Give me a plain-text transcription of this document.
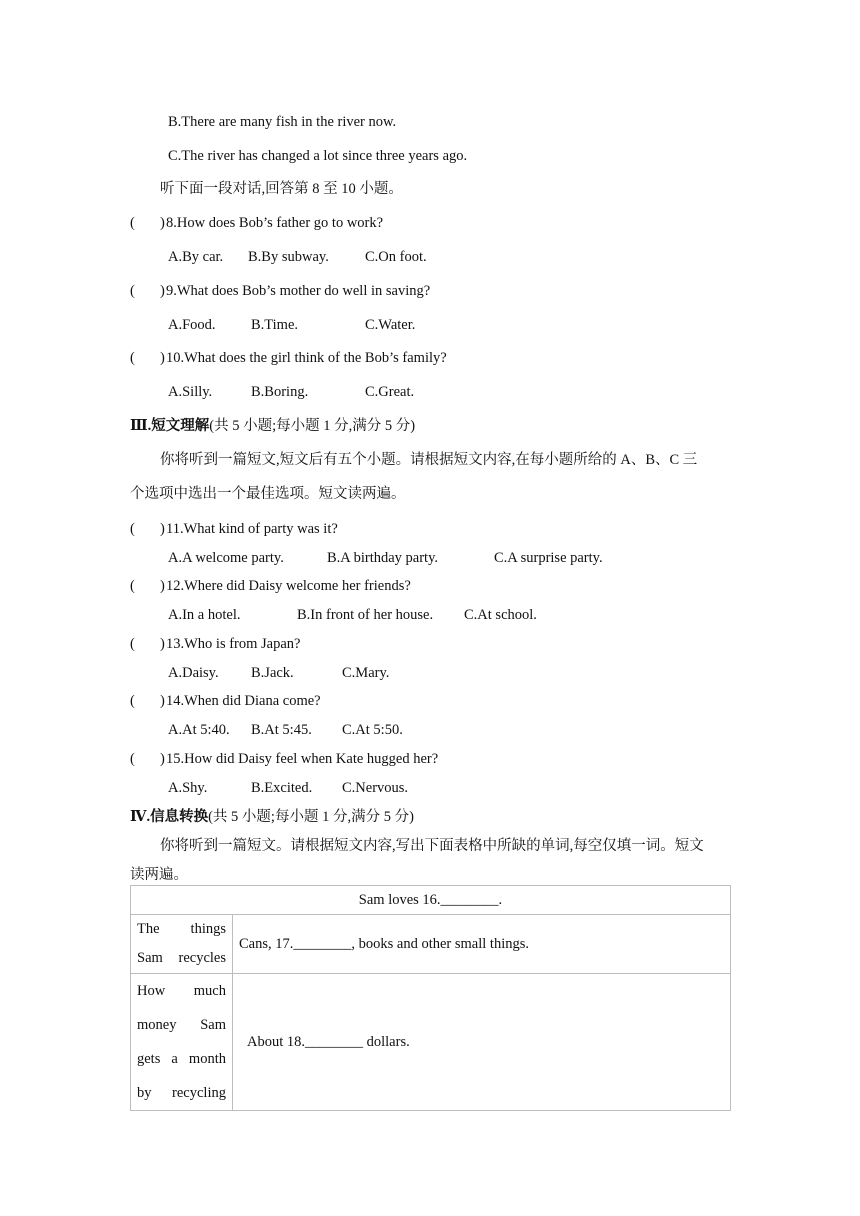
B.There are many fish in the river now.
C.The river has changed a lot since three years ago.
听下面一段对话,回答第 8 至 10 小题。
( ) 8.How does Bob’s father go to work?
A.By car. B.By subway. C.On foot.
( ) 9.What does Bob’s mother do well in saving?
A.Food. B.Time.	C.Water.
( ) 10.What does the girl think of the Bob’s family?
A.Silly.	B.Boring.	C.Great.
Ⅲ.短文理解(共 5 小题;每小题 1 分,满分 5 分)
你将听到一篇短文,短文后有五个小题。请根据短文内容,在每小题所给的 A、B、C 三
个选项中选出一个最佳选项。短文读两遍。
( ) 11.What kind of party was it?
A.A welcome party.	B.A birthday party.	C.A surprise party.
( ) 12.Where did Daisy welcome her friends?
A.In a hotel.	B.In front of her house. C.At school.
( ) 13.Who is from Japan?
A.Daisy. B.Jack.	C.Mary.
( ) 14.When did Diana come?
A.At 5:40. B.At 5:45. C.At 5:50.
( ) 15.How did Daisy feel when Kate hugged her?
A.Shy.	B.Excited. C.Nervous.
Ⅳ.信息转换(共 5 小题;每小题 1 分,满分 5 分)
你将听到一篇短文。请根据短文内容,写出下面表格中所缺的单词,每空仅填一词。短文
读两遍。
Sam loves 16.________.	

The things
Sam recycles	Cans, 17.________, books and other small things.

How much
money Sam
gets a month
by recycling	About 18.________ dollars.
